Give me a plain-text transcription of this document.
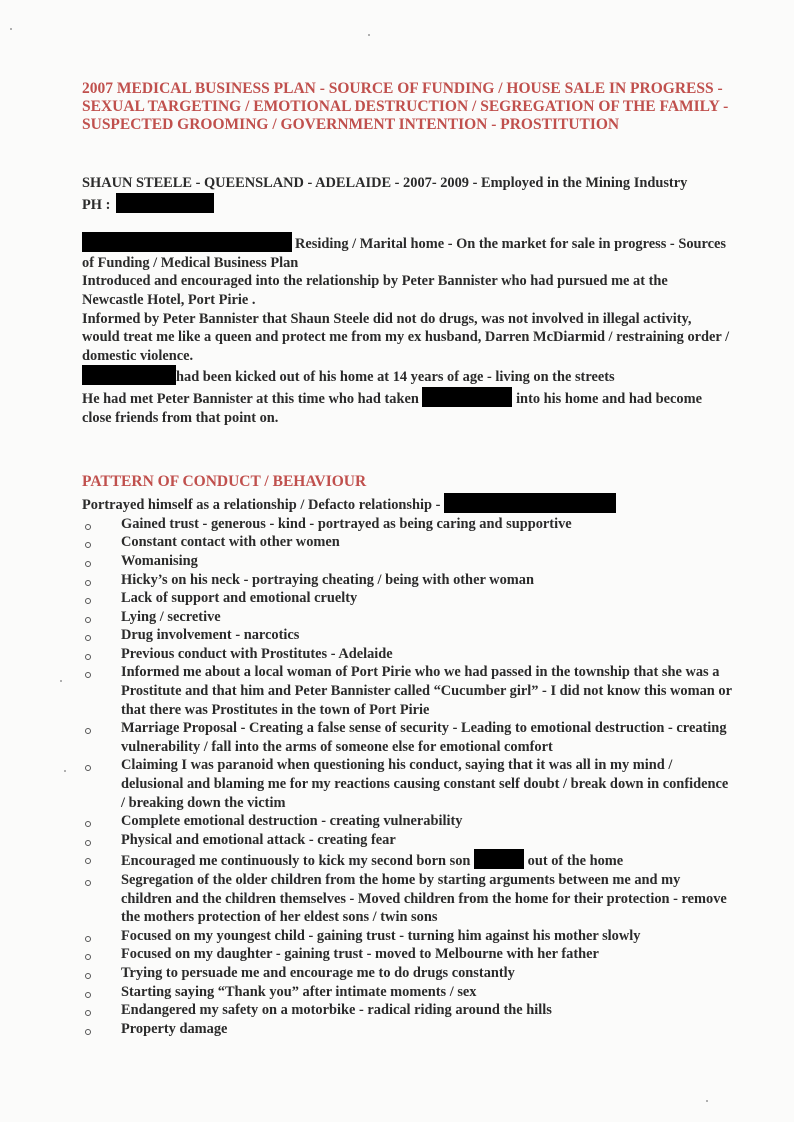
2007 MEDICAL BUSINESS PLAN - SOURCE OF FUNDING / HOUSE SALE IN PROGRESS - SEXUAL TARGETING / EMOTIONAL DESTRUCTION / SEGREGATION OF THE FAMILY - SUSPECTED GROOMING / GOVERNMENT INTENTION - PROSTITUTION

SHAUN STEELE - QUEENSLAND - ADELAIDE - 2007- 2009 - Employed in the Mining Industry

PH :

Residing / Marital home - On the market for sale in progress - Sources of Funding / Medical Business Plan

Introduced and encouraged into the relationship by Peter Bannister who had pursued me at the Newcastle Hotel, Port Pirie .

Informed by Peter Bannister that Shaun Steele did not do drugs, was not involved in illegal activity, would treat me like a queen and protect me from my ex husband, Darren McDiarmid / restraining order / domestic violence.

had been kicked out of his home at 14 years of age - living on the streets

He had met Peter Bannister at this time who had taken	into his home and had become close friends from that point on.

PATTERN OF CONDUCT / BEHAVIOUR

Portrayed himself as a relationship / Defacto relationship -

Gained trust - generous - kind - portrayed as being caring and supportive
Constant contact with other women
Womanising
Hicky’s on his neck - portraying cheating / being with other woman
Lack of support and emotional cruelty
Lying / secretive
Drug involvement - narcotics
Previous conduct with Prostitutes - Adelaide
Informed me about a local woman of Port Pirie who we had passed in the township that she was a Prostitute and that him and Peter Bannister called “Cucumber girl” - I did not know this woman or that there was Prostitutes in the town of Port Pirie
Marriage Proposal - Creating a false sense of security - Leading to emotional destruction - creating vulnerability / fall into the arms of someone else for emotional comfort
Claiming I was paranoid when questioning his conduct, saying that it was all in my mind / delusional and blaming me for my reactions causing constant self doubt / break down in confidence / breaking down the victim
Complete emotional destruction - creating vulnerability
Physical and emotional attack - creating fear
Encouraged me continuously to kick my second born son	out of the home
Segregation of the older children from the home by starting arguments between me and my children and the children themselves - Moved children from the home for their protection - remove the mothers protection of her eldest sons / twin sons
Focused on my youngest child - gaining trust - turning him against his mother slowly
Focused on my daughter - gaining trust - moved to Melbourne with her father
Trying to persuade me and encourage me to do drugs constantly
Starting saying “Thank you” after intimate moments / sex
Endangered my safety on a motorbike - radical riding around the hills
Property damage
